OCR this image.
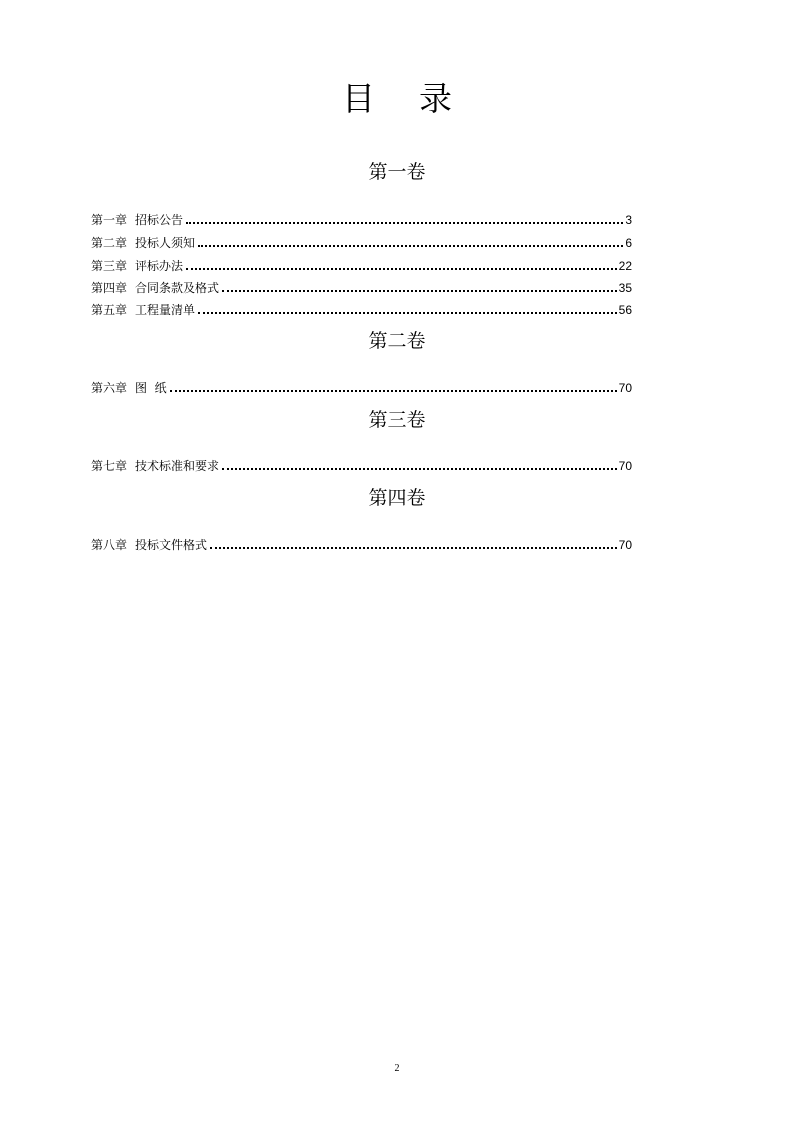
目 录
第一卷
第一章 招标公告	3
第二章 投标人须知	6
第三章 评标办法	22
第四章 合同条款及格式	35
第五章 工程量清单	56
第二卷
第六章 图  纸	70
第三卷
第七章 技术标准和要求	70
第四卷
第八章 投标文件格式	70
2
